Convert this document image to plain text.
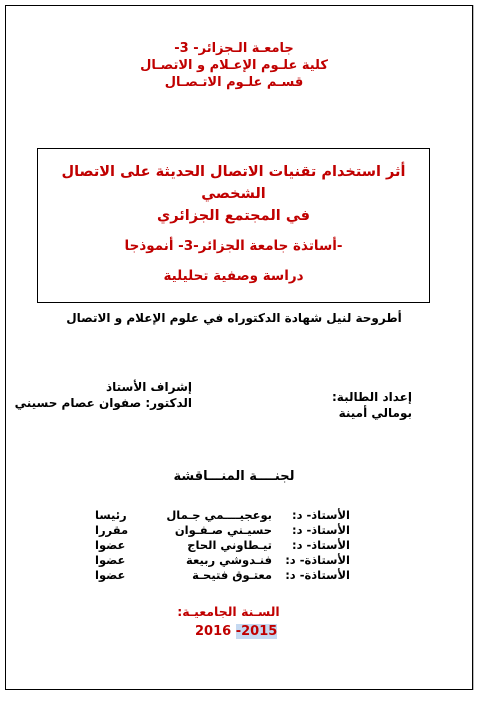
جامعـة الـجزائر- 3-
كلية علـوم الإعـلام و الاتصـال
قسـم علـوم الاتـصـال
أثر استخدام تقنيات الاتصال الحديثة على الاتصال الشخصي
في المجتمع الجزائري
-أساتذة جامعة الجزائر-3- أنموذجا
دراسة وصفية تحليلية
أطروحة لنيل شهادة الدكتوراه في علوم الإعلام و الاتصال
إعداد الطالبة:
بومالي أمينة
إشراف الأستاذ
الدكتور: صفوان عصام حسيني
لجنــــة المنـــاقشة
الأستاذ- د:
بوعجيــــمي جـمال
رئيسا
الأستاذ- د:
حسيـني صـفـوان
مقررا
الأستاذ- د:
تيـطاوني الحاج
عضوا
الأستاذة- د:
فنـدوشي ربيعة
عضوا
الأستاذة- د:
معتـوق فتيحـة
عضوا
السـنة الجامعيـة:
2016 -2015
